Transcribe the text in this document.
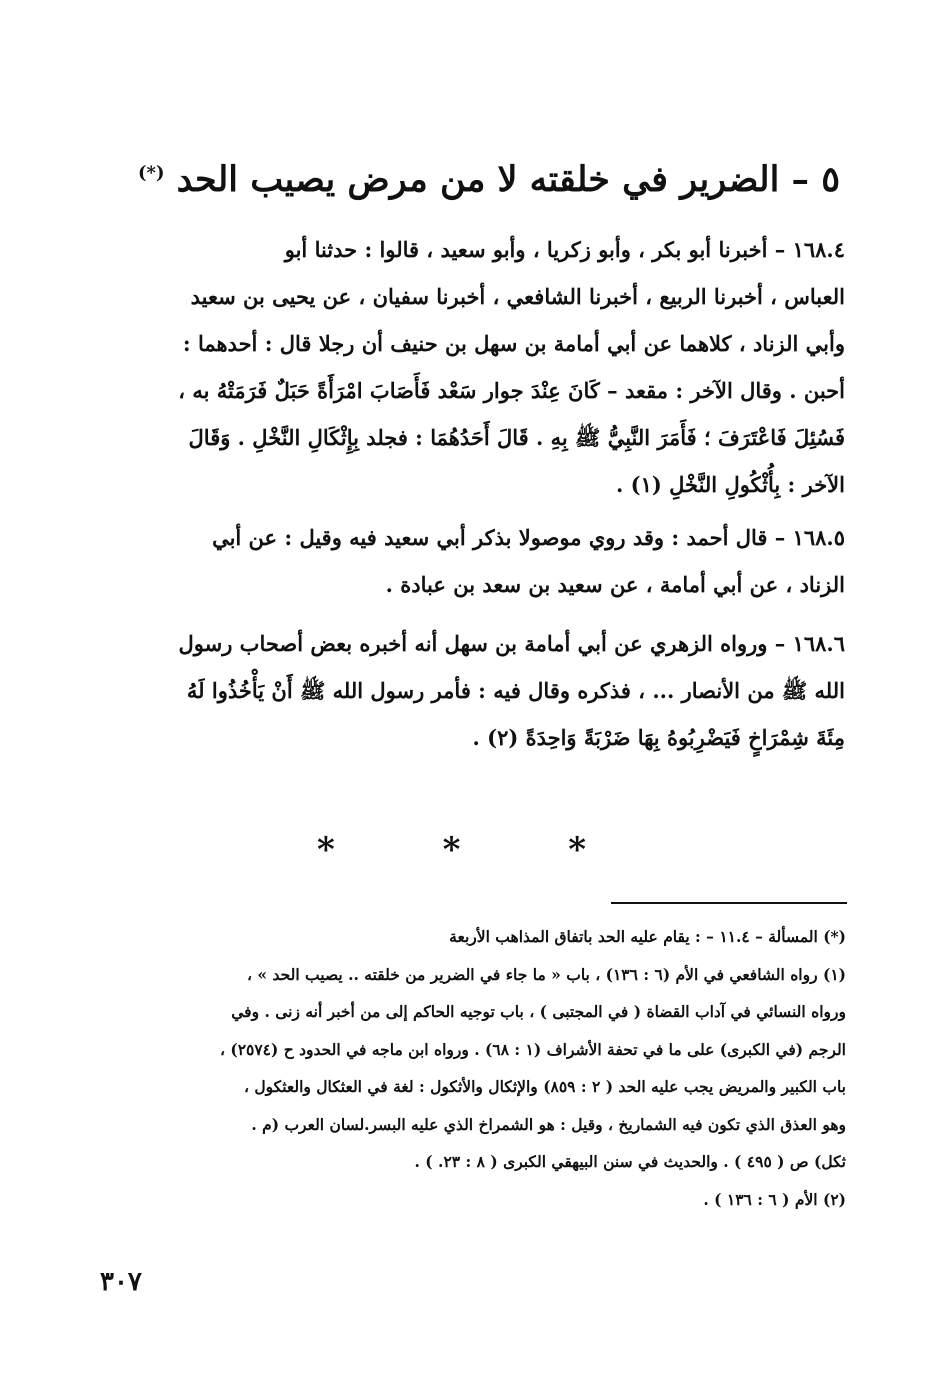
٥ – الضرير في خلقته لا من مرض يصيب الحد (*)

١٦٨.٤ – أخبرنا أبو بكر ، وأبو زكريا ، وأبو سعيد ، قالوا : حدثنا أبو

العباس ، أخبرنا الربيع ، أخبرنا الشافعي ، أخبرنا سفيان ، عن يحيى بن سعيد

وأبي الزناد ، كلاهما عن أبي أمامة بن سهل بن حنيف أن رجلا قال : أحدهما :

أحبن . وقال الآخر : مقعد – كَانَ عِنْدَ جوار سَعْد فَأَصَابَ امْرَأَةً حَبَلٌ فَرَمَتْهُ به ،

فَسُئِلَ فَاعْتَرَفَ ؛ فَأَمَرَ النَّبِيُّ ﷺ بِهِ . قَالَ أَحَدُهُمَا : فجلد بِإِثْكَالِ النَّخْلِ . وَقَالَ

الآخر : بِأُثْكُولِ النَّخْلِ (١) .

١٦٨.٥ – قال أحمد : وقد روي موصولا بذكر أبي سعيد فيه وقيل : عن أبي

الزناد ، عن أبي أمامة ، عن سعيد بن سعد بن عبادة .

١٦٨.٦ – ورواه الزهري عن أبي أمامة بن سهل أنه أخبره بعض أصحاب رسول

الله ﷺ من الأنصار ... ، فذكره وقال فيه : فأمر رسول الله ﷺ أَنْ يَأْخُذُوا لَهُ

مِئَةَ شِمْرَاخٍ فَيَضْرِبُوهُ بِهَا ضَرْبَةً وَاحِدَةً (٢) .

* * *

(*) المسألة – ١١.٤ – : يقام عليه الحد باتفاق المذاهب الأربعة

(١) رواه الشافعي في الأم (٦ : ١٣٦) ، باب « ما جاء في الضرير من خلقته .. يصيب الحد » ،

ورواه النسائي في آداب القضاة ( في المجتبى ) ، باب توجيه الحاكم إلى من أخبر أنه زنى . وفي

الرجم (في الكبرى) على ما في تحفة الأشراف (١ : ٦٨) . ورواه ابن ماجه في الحدود ح (٢٥٧٤) ،

باب الكبير والمريض يجب عليه الحد ( ٢ : ٨٥٩) والإثكال والأثكول : لغة في العثكال والعثكول ،

وهو العذق الذي تكون فيه الشماريخ ، وقيل : هو الشمراخ الذي عليه البسر.لسان العرب (م .

ثكل) ص ( ٤٩٥ ) . والحديث في سنن البيهقي الكبرى ( ٨ : ٢٣. ) .

(٢) الأم ( ٦ : ١٣٦ ) .

٣٠٧
